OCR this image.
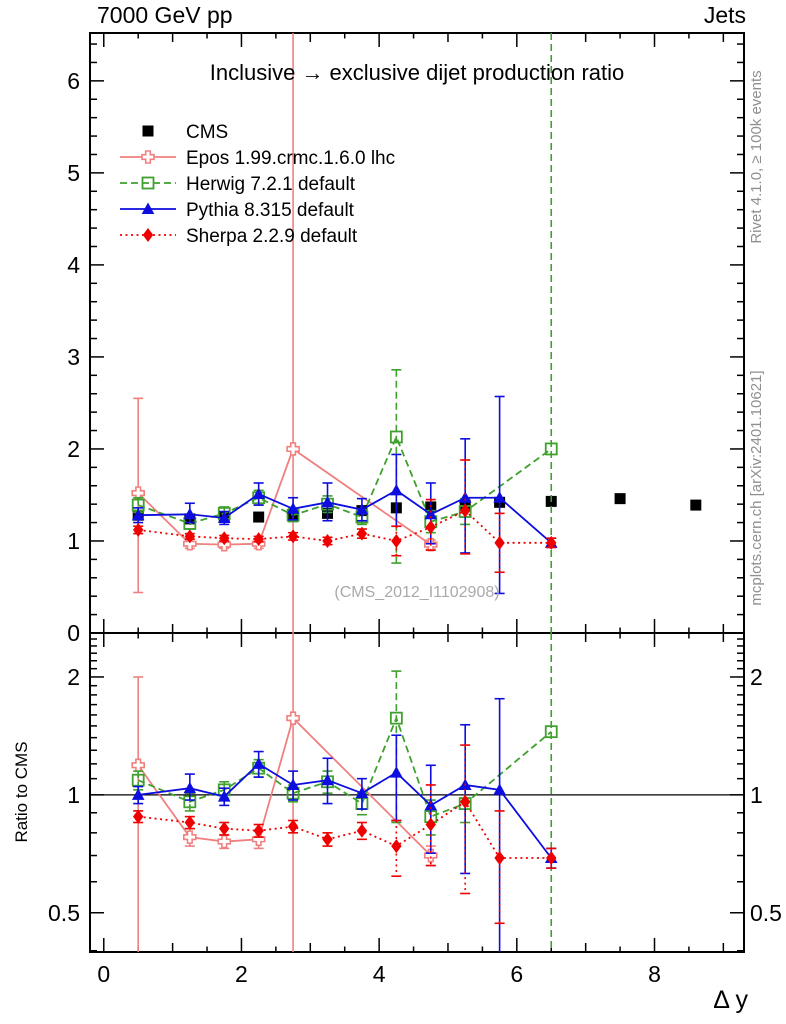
0
1
2
3
4
5
6
0.5	0.5
1	1
2	2
0	2	4	6	8
CMS
Epos 1.99.crmc.1.6.0 lhc
Herwig 7.2.1 default
Pythia 8.315 default
Sherpa 2.2.9 default
7000 GeV pp	Jets
Inclusive → exclusive dijet production ratio
(CMS_2012_I1102908)
Ratio to CMS
Rivet 4.1.0, ≥ 100k events
mcplots.cern.ch [arXiv:2401.10621]
Δ y
